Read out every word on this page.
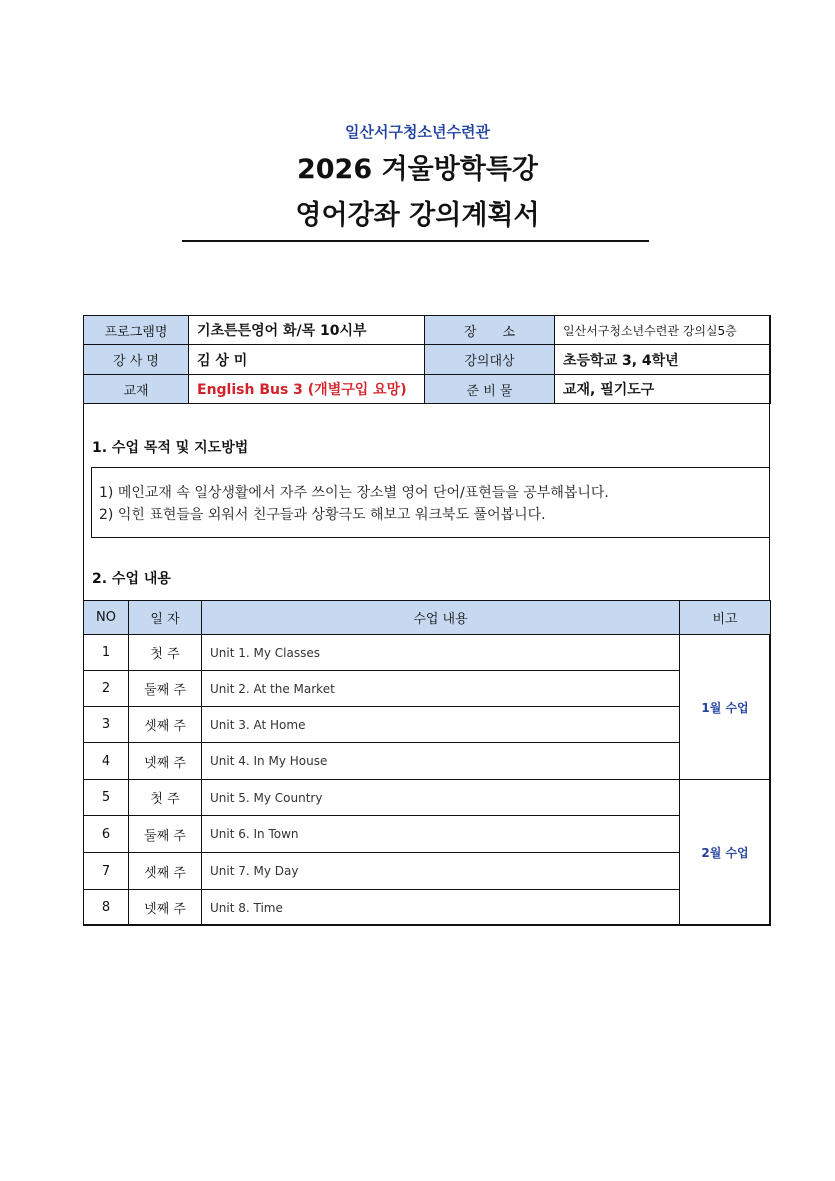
일산서구청소년수련관
2026 겨울방학특강
영어강좌 강의계획서
프로그램명	기초튼튼영어 화/목 10시부	장　　소	일산서구청소년수련관 강의실5층
강 사 명	김 상 미	강의대상	초등학교 3, 4학년
교재	English Bus 3 (개별구입 요망)	준 비 물	교재, 필기도구
1. 수업 목적 및 지도방법
1) 메인교재 속 일상생활에서 자주 쓰이는 장소별 영어 단어/표현들을 공부해봅니다.
2) 익힌 표현들을 외워서 친구들과 상황극도 해보고 워크북도 풀어봅니다.
2. 수업 내용
NO	일 자	수업 내용	비고
1	첫 주	Unit 1. My Classes	1월 수업
2	둘째 주	Unit 2. At the Market	
3	셋째 주	Unit 3. At Home	
4	넷째 주	Unit 4. In My House	
5	첫 주	Unit 5. My Country	2월 수업
6	둘째 주	Unit 6. In Town	
7	셋째 주	Unit 7. My Day	
8	넷째 주	Unit 8. Time	
